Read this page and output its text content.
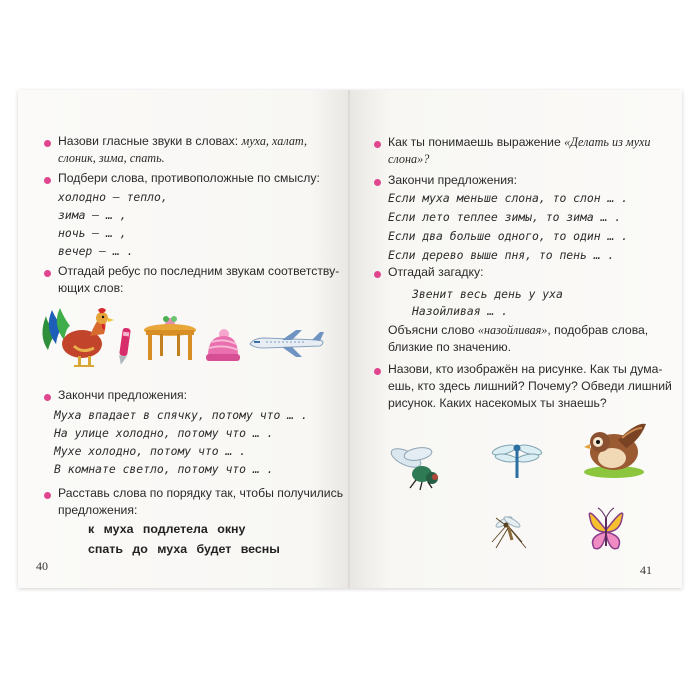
Назови гласные звуки в словах: муха, халат,
слоник, зима, спать.
Подбери слова, противоположные по смыслу:
холодно — тепло,
зима — … ,
ночь — … ,
вечер — … .
Отгадай ребус по последним звукам соответству-
ющих слов:
Закончи предложения:
Муха впадает в спячку, потому что … .
На улице холодно, потому что … .
Мухе холодно, потому что … .
В комнате светло, потому что … .
Расставь слова по порядку так, чтобы получились
предложения:
к муха подлетела окну
спать до муха будет весны
40
Как ты понимаешь выражение «Делать из мухи
слона»?
Закончи предложения:
Если муха меньше слона, то слон … .
Если лето теплее зимы, то зима … .
Если два больше одного, то один … .
Если дерево выше пня, то пень … .
Отгадай загадку:
Звенит весь день у уха
Назойливая … .
Объясни слово «назойливая», подобрав слова,
близкие по значению.
Назови, кто изображён на рисунке. Как ты дума-
ешь, кто здесь лишний? Почему? Обведи лишний
рисунок. Каких насекомых ты знаешь?
41
